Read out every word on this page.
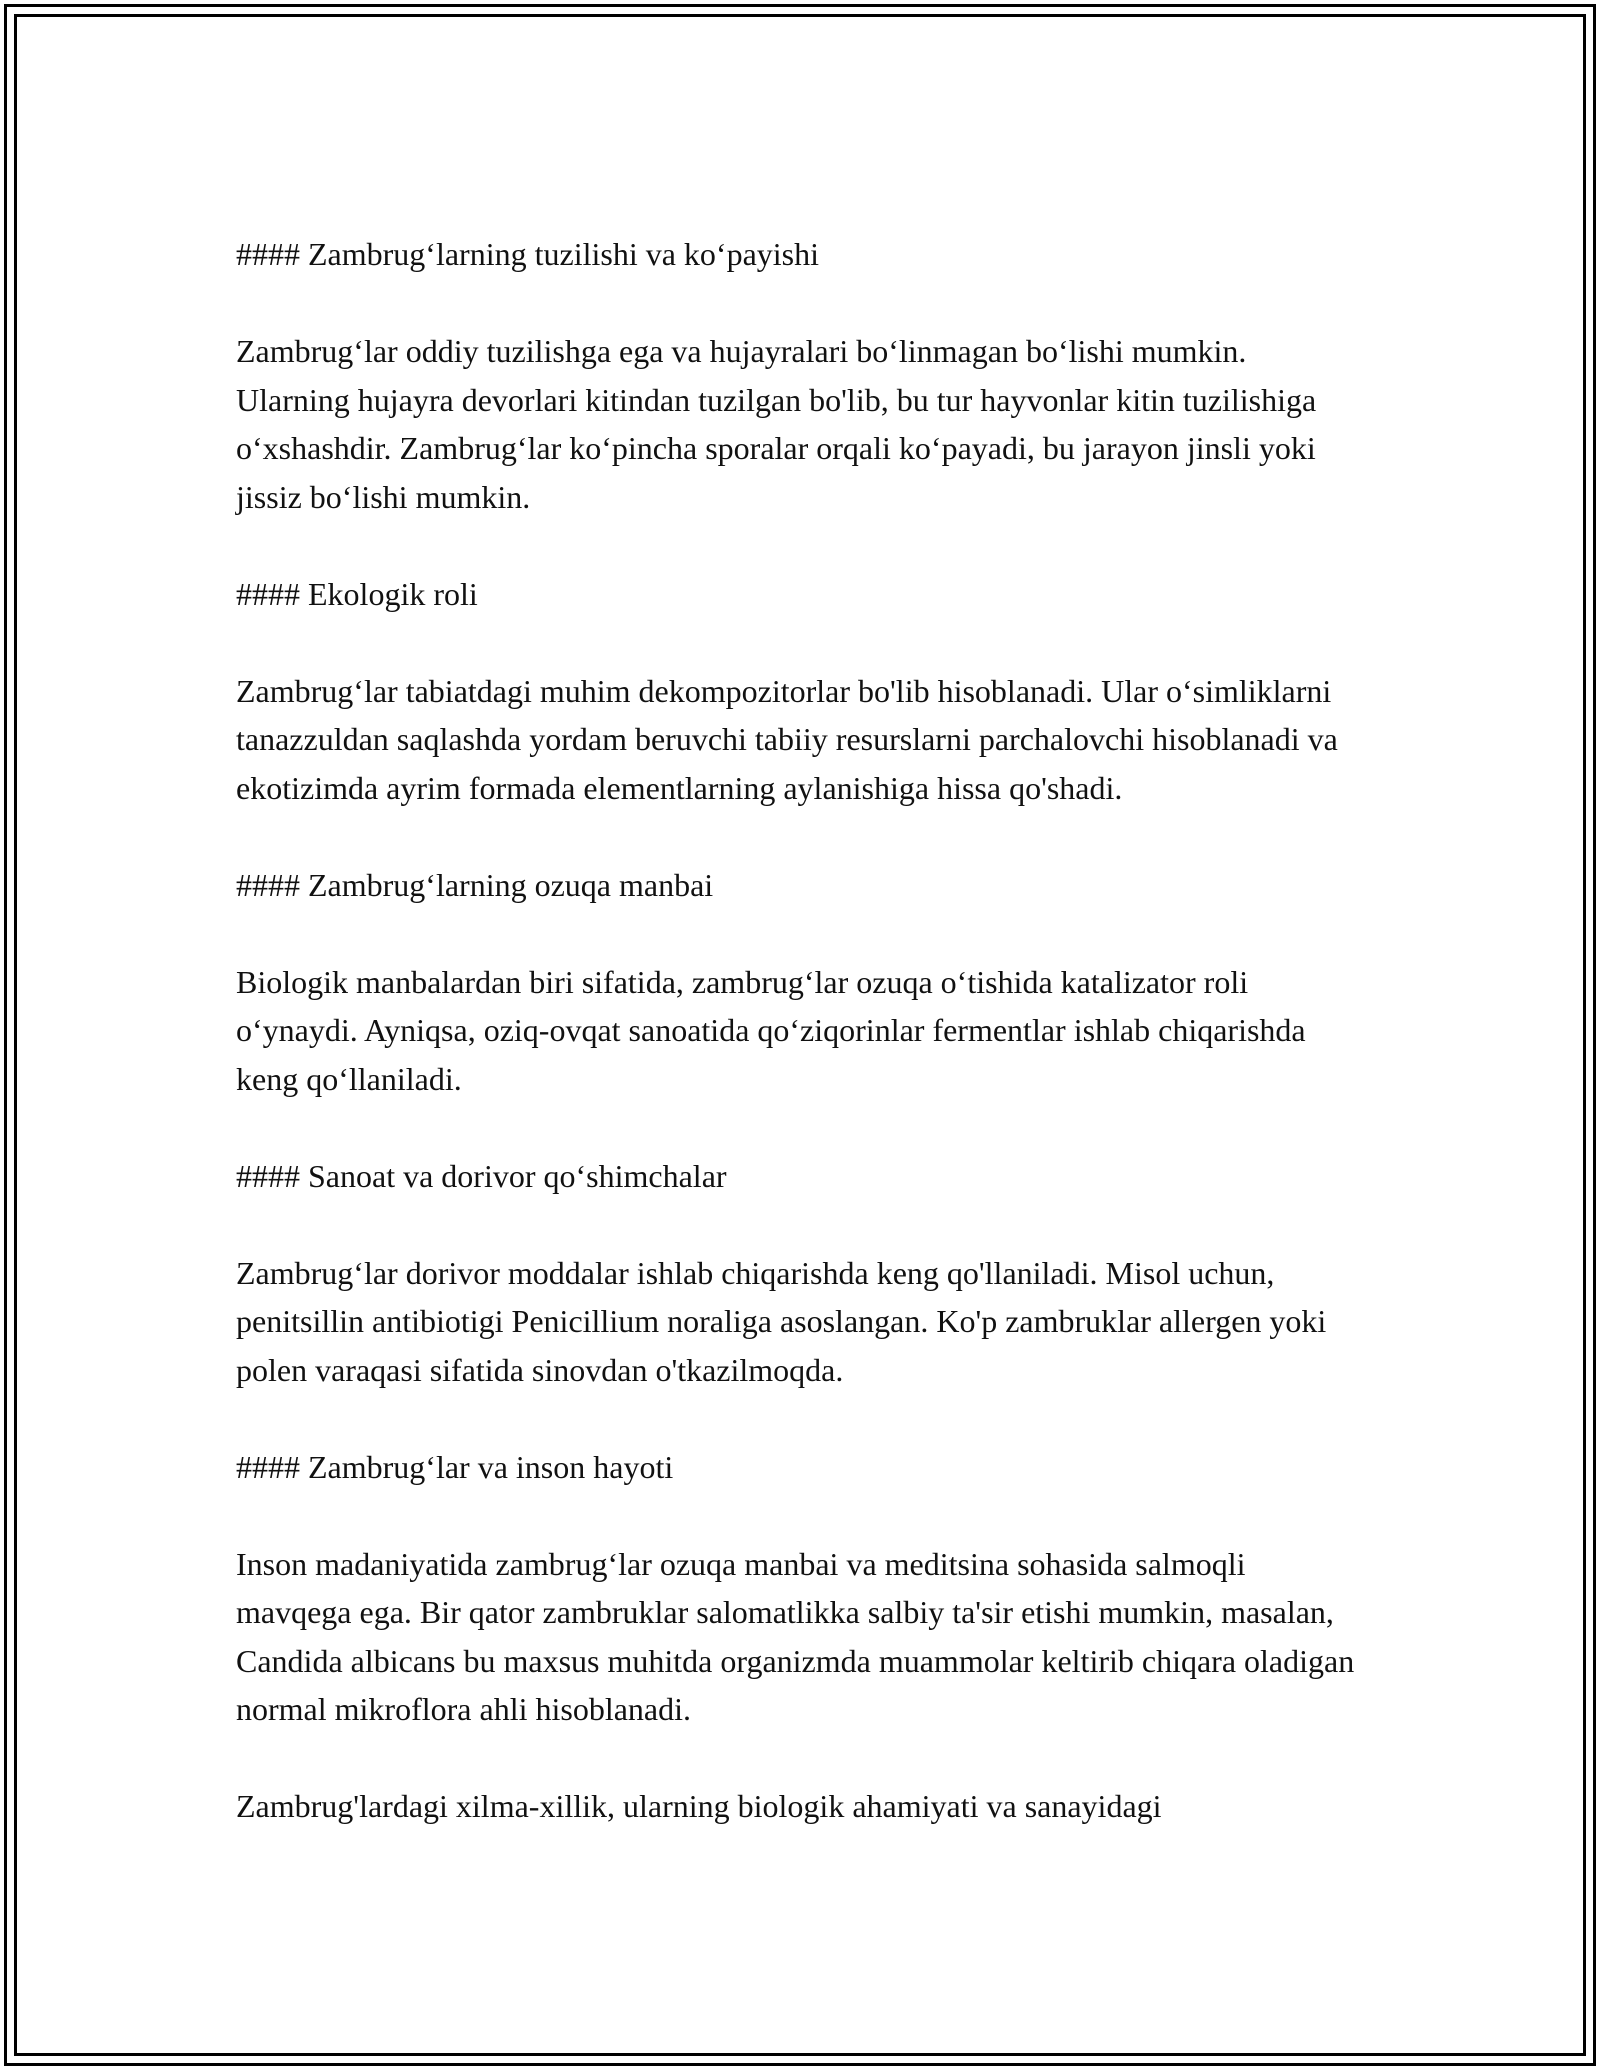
#### Zambrug‘larning tuzilishi va ko‘payishi

Zambrug‘lar oddiy tuzilishga ega va hujayralari bo‘linmagan bo‘lishi mumkin. Ularning hujayra devorlari kitindan tuzilgan bo'lib, bu tur hayvonlar kitin tuzilishiga o‘xshashdir. Zambrug‘lar ko‘pincha sporalar orqali ko‘payadi, bu jarayon jinsli yoki jissiz bo‘lishi mumkin.

#### Ekologik roli

Zambrug‘lar tabiatdagi muhim dekompozitorlar bo'lib hisoblanadi. Ular o‘simliklarni tanazzuldan saqlashda yordam beruvchi tabiiy resurslarni parchalovchi hisoblanadi va ekotizimda ayrim formada elementlarning aylanishiga hissa qo'shadi.

#### Zambrug‘larning ozuqa manbai

Biologik manbalardan biri sifatida, zambrug‘lar ozuqa o‘tishida katalizator roli o‘ynaydi. Ayniqsa, oziq-ovqat sanoatida qo‘ziqorinlar fermentlar ishlab chiqarishda keng qo‘llaniladi.

#### Sanoat va dorivor qo‘shimchalar

Zambrug‘lar dorivor moddalar ishlab chiqarishda keng qo'llaniladi. Misol uchun, penitsillin antibiotigi Penicillium noraliga asoslangan. Ko'p zambruklar allergen yoki polen varaqasi sifatida sinovdan o'tkazilmoqda.

#### Zambrug‘lar va inson hayoti

Inson madaniyatida zambrug‘lar ozuqa manbai va meditsina sohasida salmoqli mavqega ega. Bir qator zambruklar salomatlikka salbiy ta'sir etishi mumkin, masalan, Candida albicans bu maxsus muhitda organizmda muammolar keltirib chiqara oladigan normal mikroflora ahli hisoblanadi.

Zambrug'lardagi xilma-xillik, ularning biologik ahamiyati va sanayidagi
